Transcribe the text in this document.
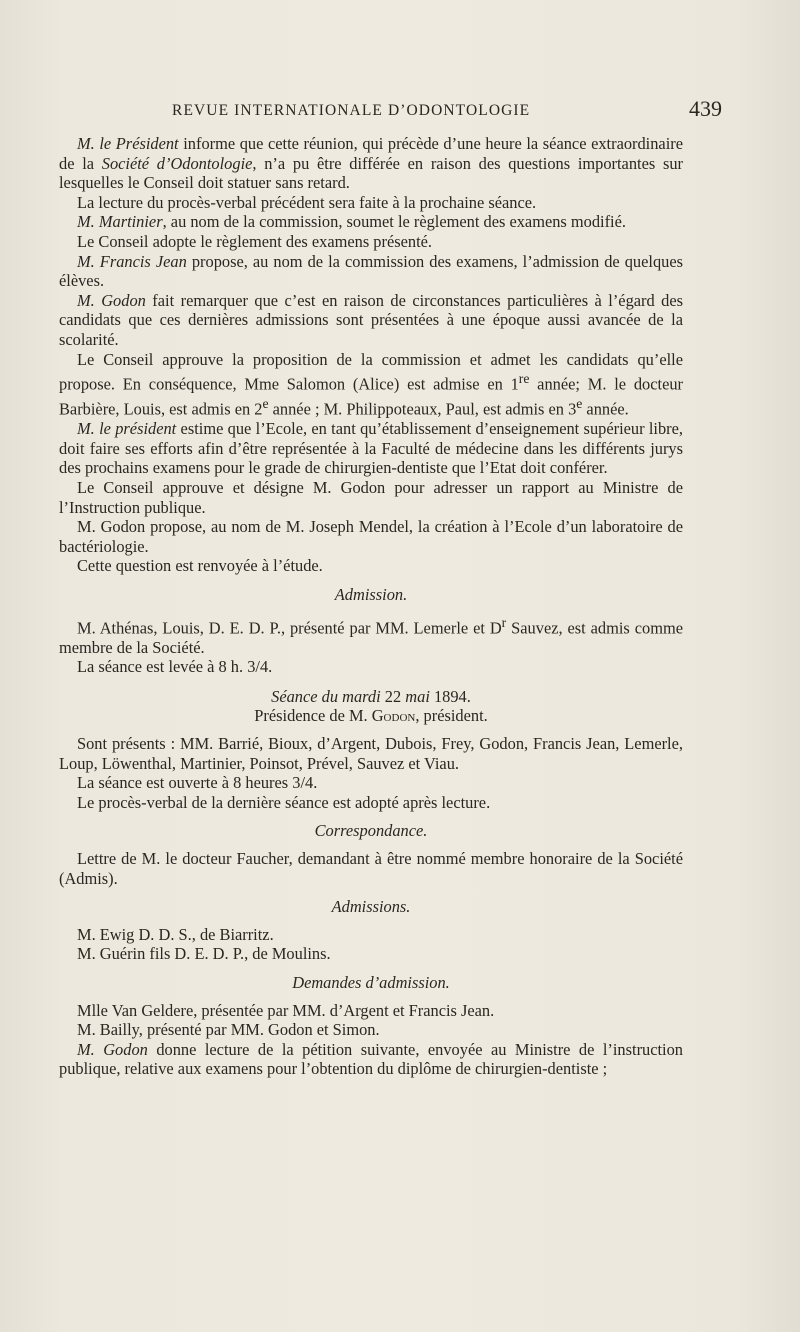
REVUE INTERNATIONALE D’ODONTOLOGIE	439

M. le Président informe que cette réunion, qui précède d’une heure la séance extraordinaire de la Société d’Odontologie, n’a pu être différée en raison des questions importantes sur lesquelles le Conseil doit statuer sans retard.

La lecture du procès-verbal précédent sera faite à la prochaine séance.

M. Martinier, au nom de la commission, soumet le règlement des examens modifié.

Le Conseil adopte le règlement des examens présenté.

M. Francis Jean propose, au nom de la commission des examens, l’admission de quelques élèves.

M. Godon fait remarquer que c’est en raison de circonstances particulières à l’égard des candidats que ces dernières admissions sont présentées à une époque aussi avancée de la scolarité.

Le Conseil approuve la proposition de la commission et admet les candidats qu’elle propose. En conséquence, Mme Salomon (Alice) est admise en 1re année; M. le docteur Barbière, Louis, est admis en 2e année ; M. Philippoteaux, Paul, est admis en 3e année.

M. le président estime que l’Ecole, en tant qu’établissement d’enseignement supérieur libre, doit faire ses efforts afin d’être représentée à la Faculté de médecine dans les différents jurys des prochains examens pour le grade de chirurgien-dentiste que l’Etat doit conférer.

Le Conseil approuve et désigne M. Godon pour adresser un rapport au Ministre de l’Instruction publique.

M. Godon propose, au nom de M. Joseph Mendel, la création à l’Ecole d’un laboratoire de bactériologie.

Cette question est renvoyée à l’étude.

Admission.

M. Athénas, Louis, D. E. D. P., présenté par MM. Lemerle et $D^r$ Sauvez, est admis comme membre de la Société.

La séance est levée à 8 h. 3/4.

Séance du mardi 22 mai 1894.

Présidence de M. Godon, président.

Sont présents : MM. Barrié, Bioux, d’Argent, Dubois, Frey, Godon, Francis Jean, Lemerle, Loup, Löwenthal, Martinier, Poinsot, Prével, Sauvez et Viau.

La séance est ouverte à 8 heures 3/4.

Le procès-verbal de la dernière séance est adopté après lecture.

Correspondance.

Lettre de M. le docteur Faucher, demandant à être nommé membre honoraire de la Société (Admis).

Admissions.

M. Ewig D. D. S., de Biarritz.

M. Guérin fils D. E. D. P., de Moulins.

Demandes d’admission.

Mlle Van Geldere, présentée par MM. d’Argent et Francis Jean.

M. Bailly, présenté par MM. Godon et Simon.

M. Godon donne lecture de la pétition suivante, envoyée au Ministre de l’instruction publique, relative aux examens pour l’obtention du diplôme de chirurgien-dentiste ;
